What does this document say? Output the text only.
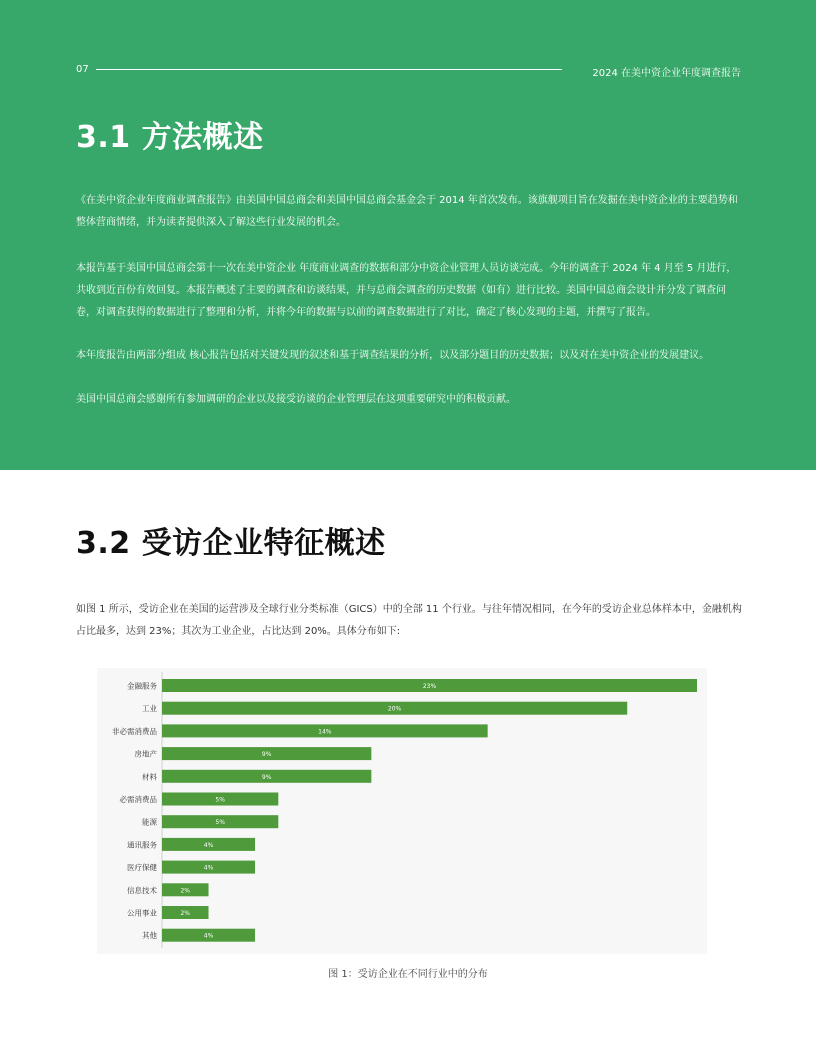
07	2024 在美中资企业年度调查报告
3.1 方法概述

《在美中资企业年度商业调查报告》由美国中国总商会和美国中国总商会基金会于 2014 年首次发布。该旗舰项目旨在发掘在美中资企业的主要趋势和整体营商情绪，并为读者提供深入了解这些行业发展的机会。

本报告基于美国中国总商会第十一次在美中资企业 年度商业调查的数据和部分中资企业管理人员访谈完成。今年的调查于 2024 年 4 月至 5 月进行，共收到近百份有效回复。本报告概述了主要的调查和访谈结果，并与总商会调查的历史数据（如有）进行比较。美国中国总商会设计并分发了调查问卷，对调查获得的数据进行了整理和分析，并将今年的数据与以前的调查数据进行了对比，确定了核心发现的主题，并撰写了报告。

本年度报告由两部分组成 核心报告包括对关键发现的叙述和基于调查结果的分析，以及部分题目的历史数据；以及对在美中资企业的发展建议。

美国中国总商会感谢所有参加调研的企业以及接受访谈的企业管理层在这项重要研究中的积极贡献。

3.2 受访企业特征概述

如图 1 所示，受访企业在美国的运营涉及全球行业分类标准（GICS）中的全部 11 个行业。与往年情况相同，在今年的受访企业总体样本中，金融机构占比最多，达到 23%；其次为工业企业，占比达到 20%。具体分布如下:

金融服务	23%
工业	20%
非必需消费品	14%
房地产	9%
材料	9%
必需消费品	5%
能源	5%
通讯服务	4%
医疗保健	4%
信息技术	2%
公用事业	2%
其他	4%
图 1：受访企业在不同行业中的分布
